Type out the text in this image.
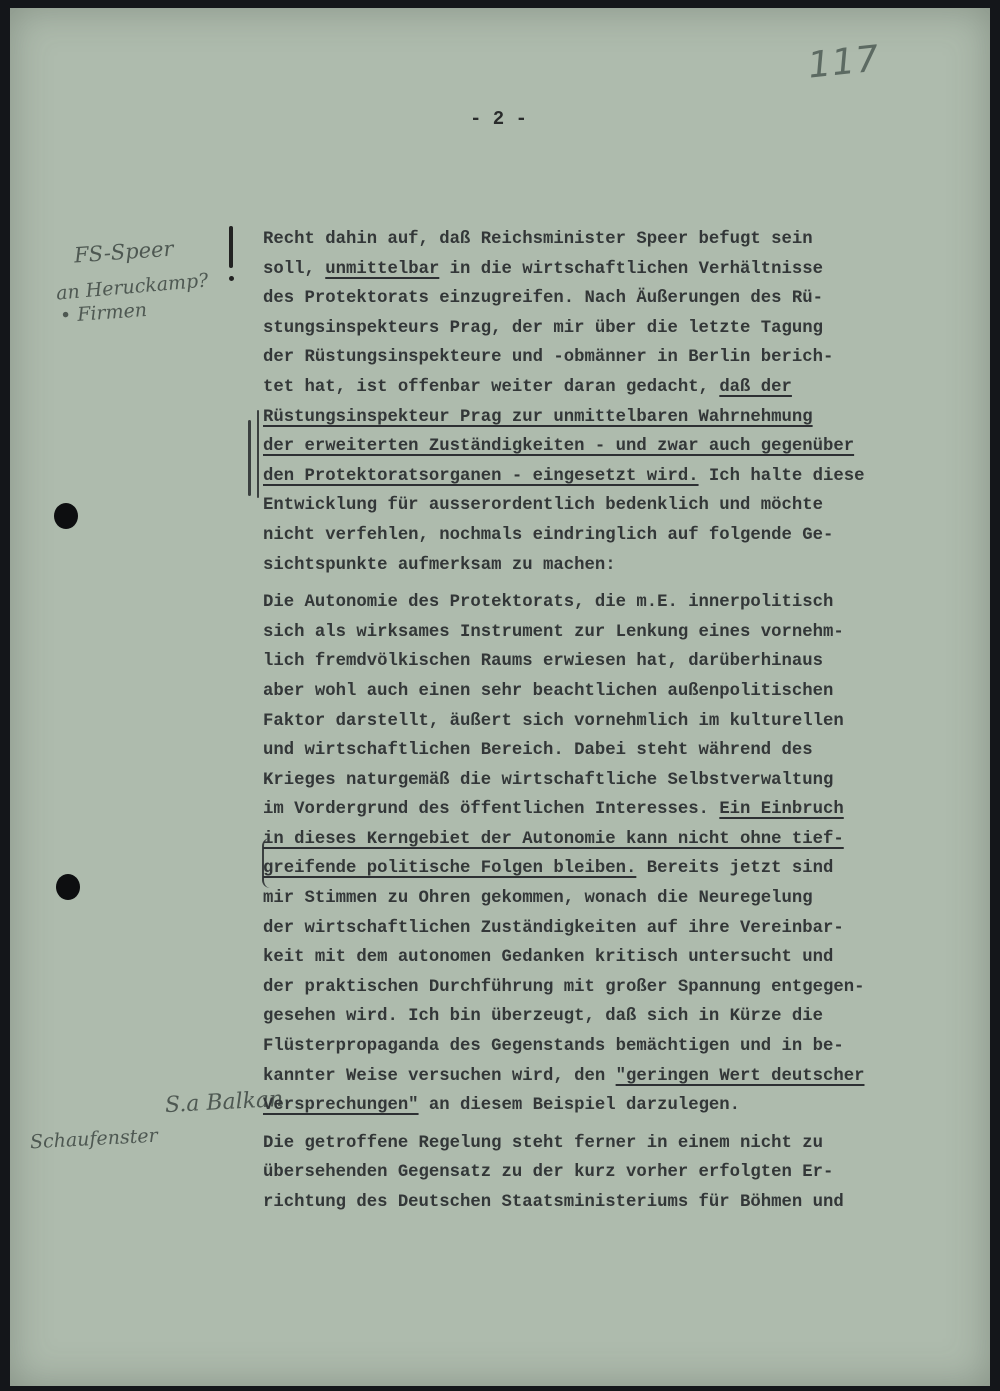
117
- 2 -
FS-Speer
an Heruckamp?
• Firmen
S.a Balkan
Schaufenster
Recht dahin auf, daß Reichsminister Speer befugt sein
soll, unmittelbar in die wirtschaftlichen Verhältnisse
des Protektorats einzugreifen. Nach Äußerungen des Rü-
stungsinspekteurs Prag, der mir über die letzte Tagung
der Rüstungsinspekteure und -obmänner in Berlin berich-
tet hat, ist offenbar weiter daran gedacht, daß der
Rüstungsinspekteur Prag zur unmittelbaren Wahrnehmung
der erweiterten Zuständigkeiten - und zwar auch gegenüber
den Protektoratsorganen - eingesetzt wird. Ich halte diese
Entwicklung für ausserordentlich bedenklich und möchte
nicht verfehlen, nochmals eindringlich auf folgende Ge-
sichtspunkte aufmerksam zu machen:
Die Autonomie des Protektorats, die m.E. innerpolitisch
sich als wirksames Instrument zur Lenkung eines vornehm-
lich fremdvölkischen Raums erwiesen hat, darüberhinaus
aber wohl auch einen sehr beachtlichen außenpolitischen
Faktor darstellt, äußert sich vornehmlich im kulturellen
und wirtschaftlichen Bereich. Dabei steht während des
Krieges naturgemäß die wirtschaftliche Selbstverwaltung
im Vordergrund des öffentlichen Interesses. Ein Einbruch
in dieses Kerngebiet der Autonomie kann nicht ohne tief-
greifende politische Folgen bleiben. Bereits jetzt sind
mir Stimmen zu Ohren gekommen, wonach die Neuregelung
der wirtschaftlichen Zuständigkeiten auf ihre Vereinbar-
keit mit dem autonomen Gedanken kritisch untersucht und
der praktischen Durchführung mit großer Spannung entgegen-
gesehen wird. Ich bin überzeugt, daß sich in Kürze die
Flüsterpropaganda des Gegenstands bemächtigen und in be-
kannter Weise versuchen wird, den "geringen Wert deutscher
Versprechungen" an diesem Beispiel darzulegen.
Die getroffene Regelung steht ferner in einem nicht zu
übersehenden Gegensatz zu der kurz vorher erfolgten Er-
richtung des Deutschen Staatsministeriums für Böhmen und
